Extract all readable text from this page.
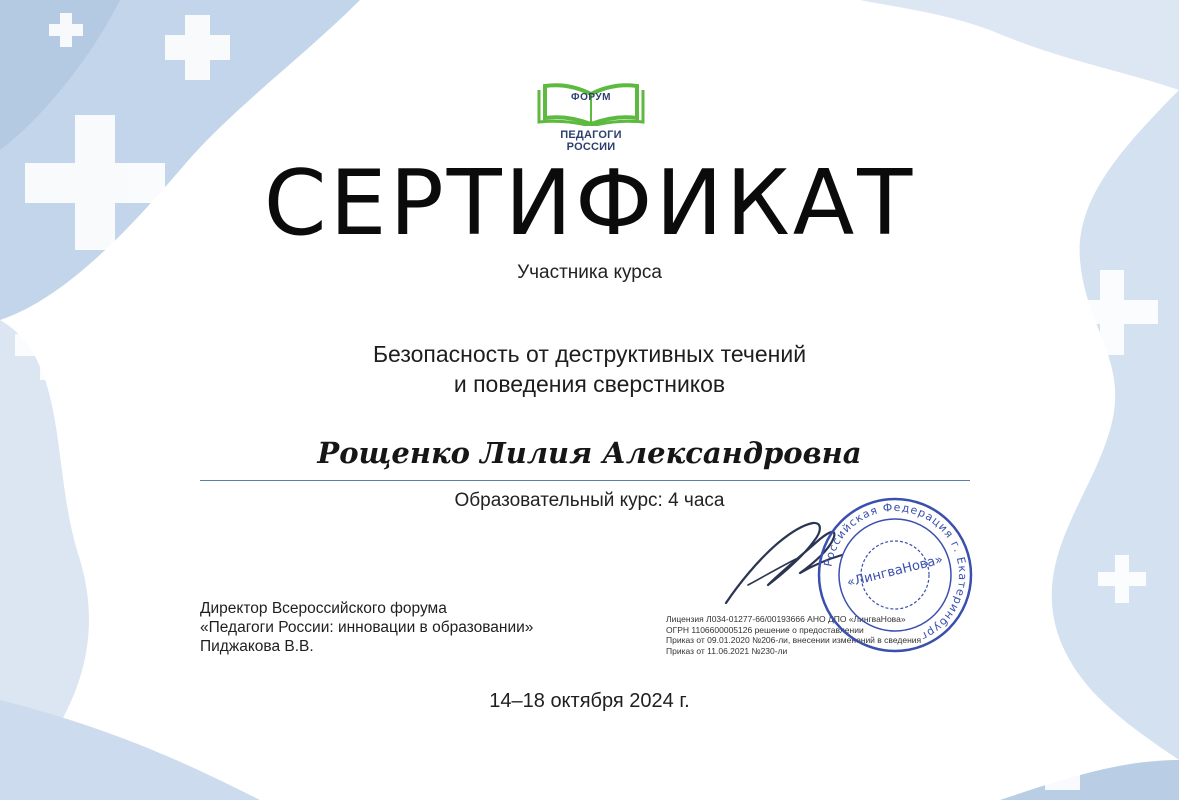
ФОРУМ
ПЕДАГОГИ РОССИИ
СЕРТИФИКАТ
Участника курса
Безопасность от деструктивных течений
и поведения сверстников
Рощенко Лилия Александровна
Образовательный курс: 4 часа
Директор Всероссийского форума
«Педагоги России: инновации в образовании»
Пиджакова В.В.
Лицензия Л034-01277-66/00193666 АНО ДПО «ЛингваНова»
ОГРН 1106600005126 решение о предоставлении
Приказ от 09.01.2020 №206-ли, внесении изменений в сведения
Приказ от 11.06.2021 №230-ли
Российская Федерация г. Екатеринбург
«ЛингваНова»
14–18 октября 2024 г.
